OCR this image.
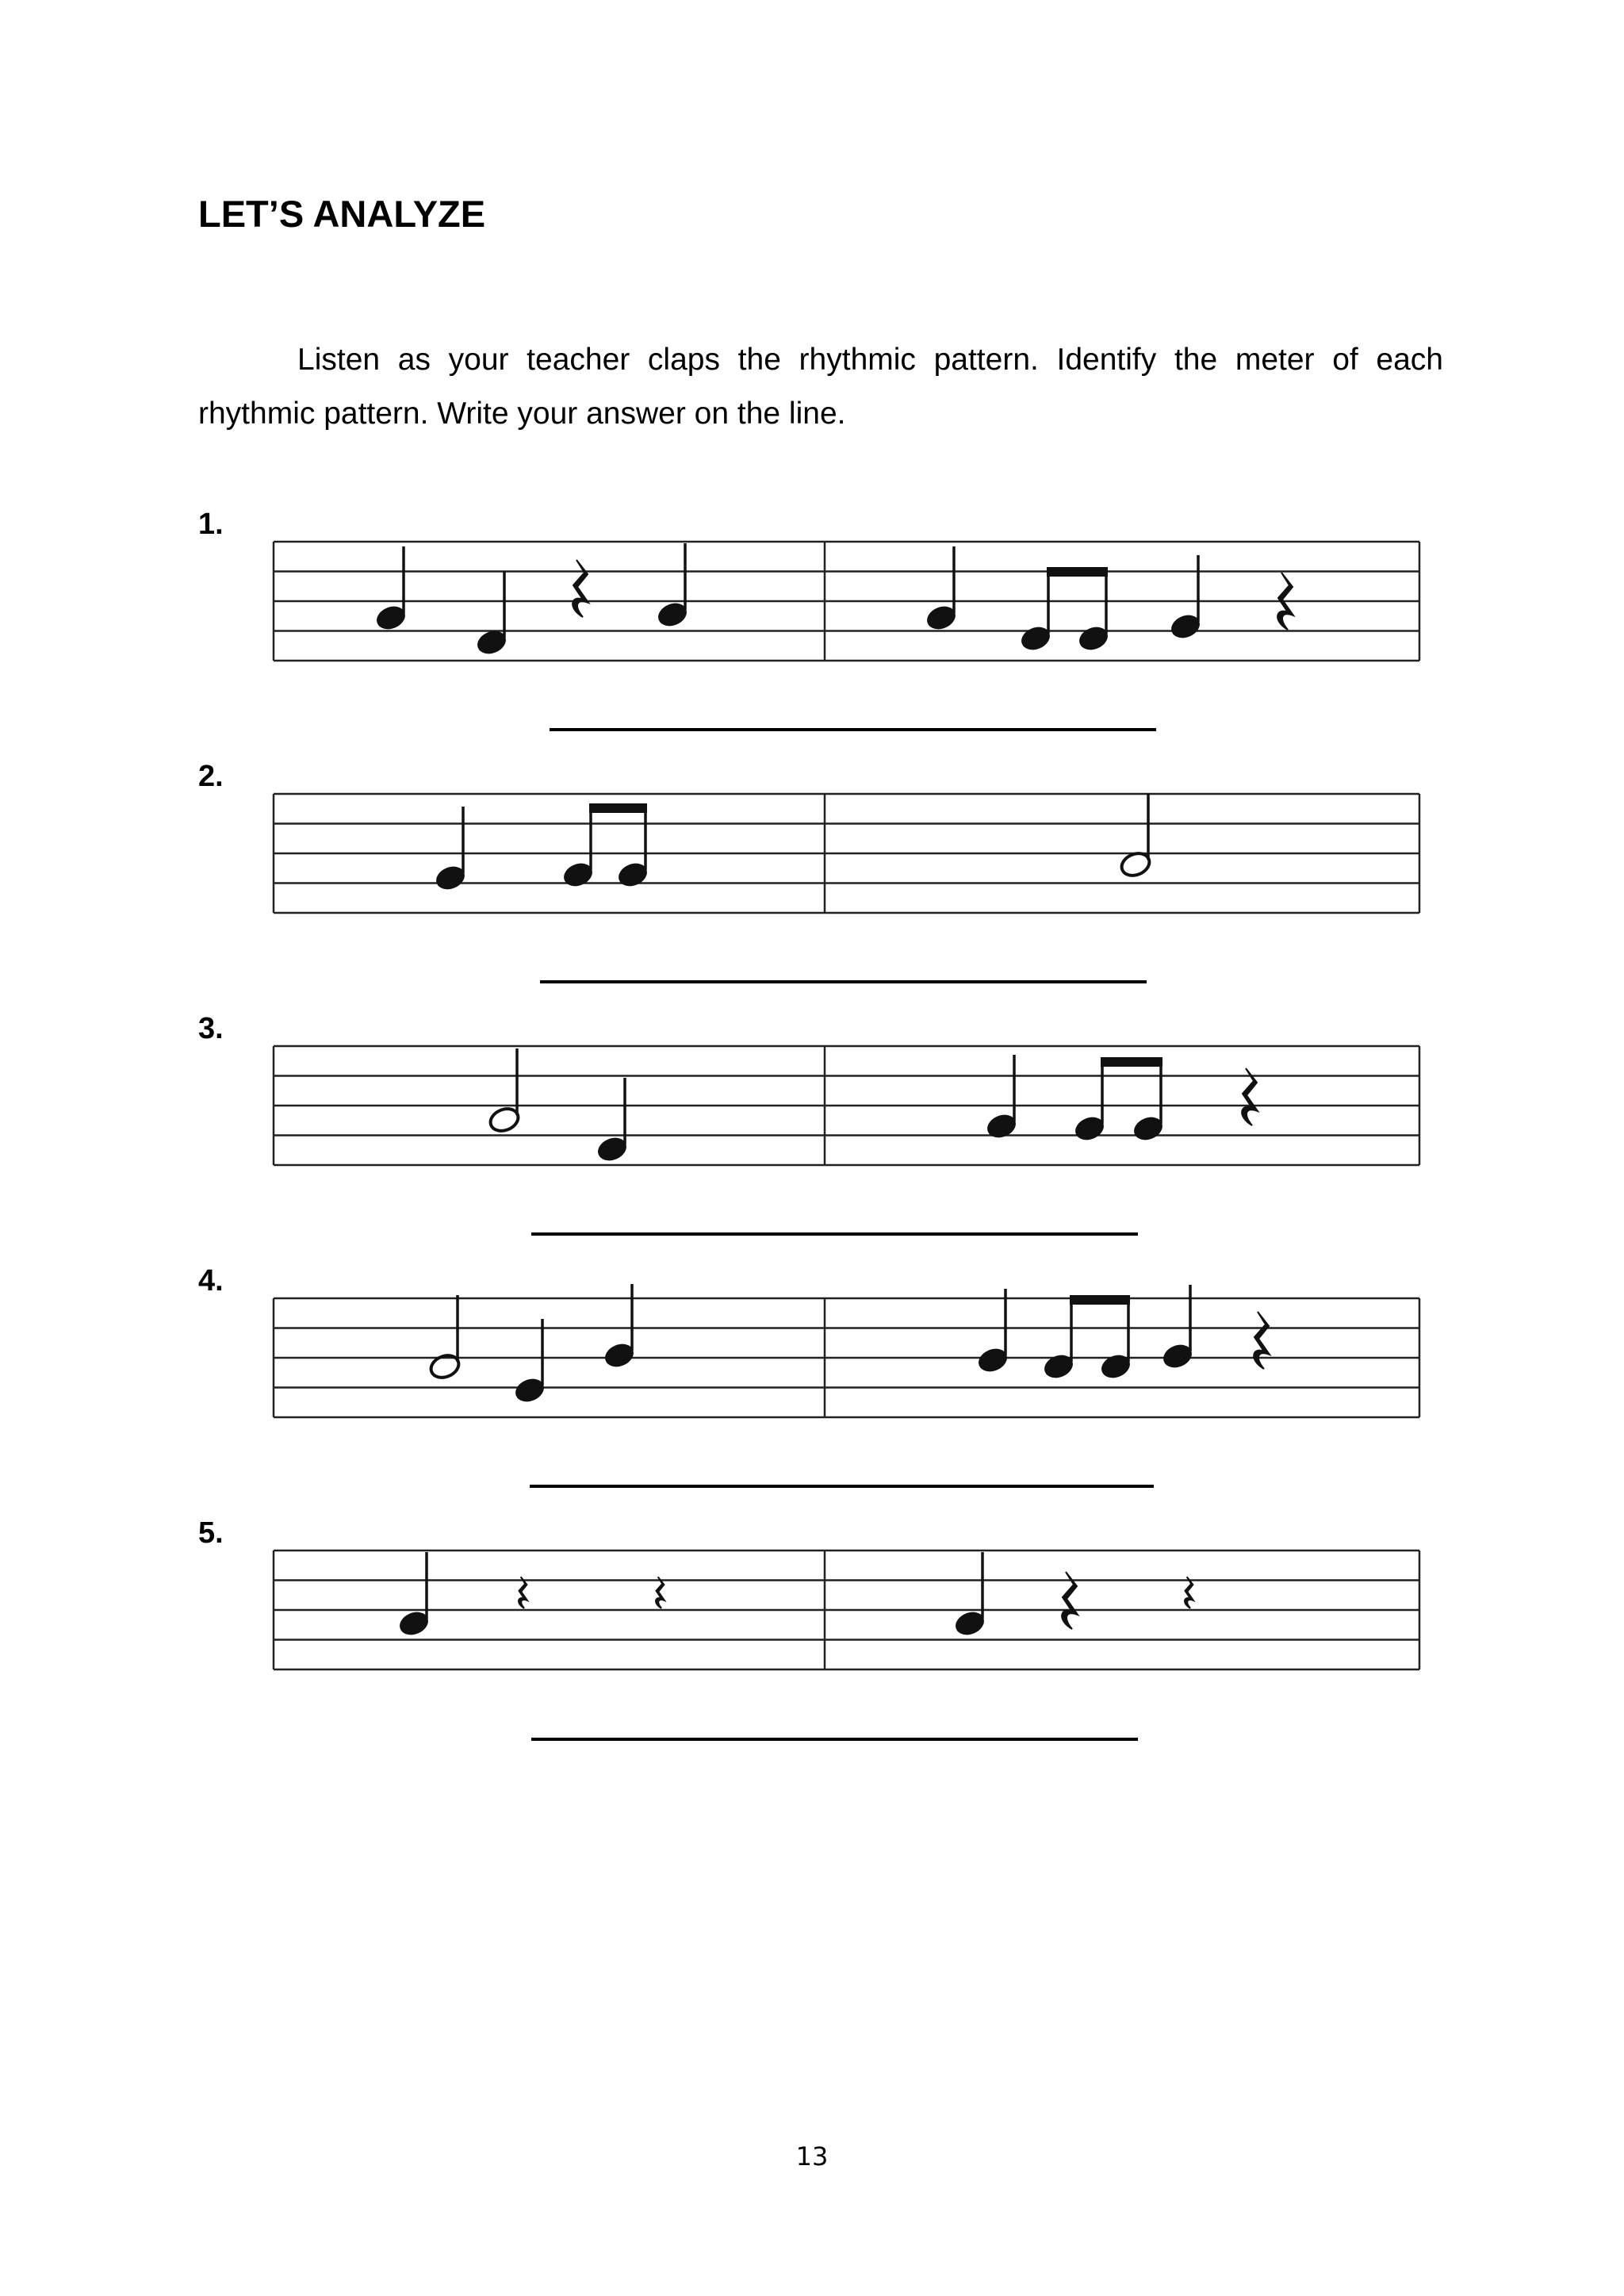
LET’S ANALYZE

Listen as your teacher claps the rhythmic pattern. Identify the meter of each rhythmic pattern. Write your answer on the line.

1.
2.
3.
4.
5.
13
